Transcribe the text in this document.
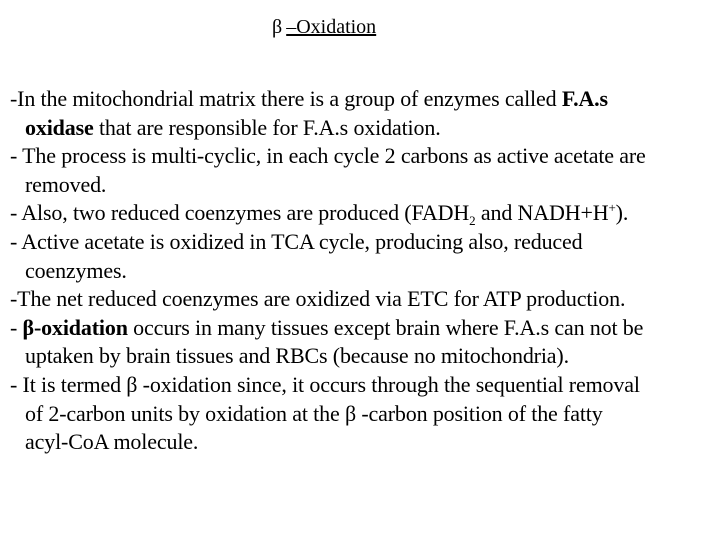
β –Oxidation
-In the mitochondrial matrix there is a group of enzymes called F.A.s
oxidase that are responsible for F.A.s oxidation.
- The process is multi-cyclic, in each cycle 2 carbons as active acetate are
removed.
- Also, two reduced coenzymes are produced ($FADH_2$ and NADH+H+).
- Active acetate is oxidized in TCA cycle, producing also, reduced
coenzymes.
-The net reduced coenzymes are oxidized via ETC for ATP production.
- β-oxidation occurs in many tissues except brain where F.A.s can not be
uptaken by brain tissues and RBCs (because no mitochondria).
- It is termed β -oxidation since, it occurs through the sequential removal
of 2-carbon units by oxidation at the β -carbon position of the fatty
acyl-CoA molecule.
